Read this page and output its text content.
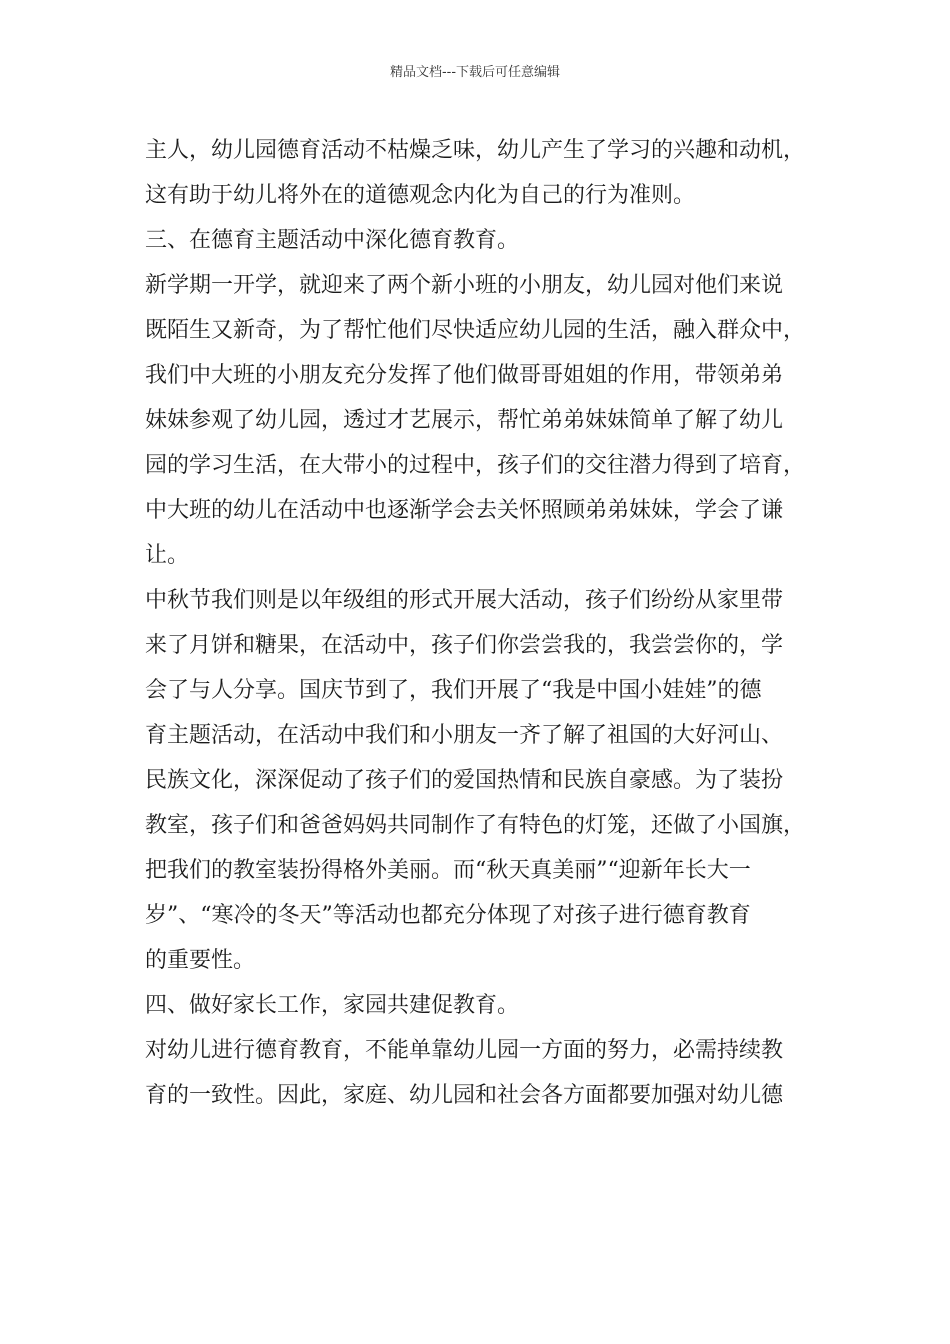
精品文档---下载后可任意编辑
主人，幼儿园德育活动不枯燥乏味，幼儿产生了学习的兴趣和动机，
这有助于幼儿将外在的道德观念内化为自己的行为准则。
三、在德育主题活动中深化德育教育。
新学期一开学，就迎来了两个新小班的小朋友，幼儿园对他们来说
既陌生又新奇，为了帮忙他们尽快适应幼儿园的生活，融入群众中，
我们中大班的小朋友充分发挥了他们做哥哥姐姐的作用，带领弟弟
妹妹参观了幼儿园，透过才艺展示，帮忙弟弟妹妹简单了解了幼儿
园的学习生活，在大带小的过程中，孩子们的交往潜力得到了培育，
中大班的幼儿在活动中也逐渐学会去关怀照顾弟弟妹妹，学会了谦
让。
中秋节我们则是以年级组的形式开展大活动，孩子们纷纷从家里带
来了月饼和糖果，在活动中，孩子们你尝尝我的，我尝尝你的，学
会了与人分享。国庆节到了，我们开展了“我是中国小娃娃”的德
育主题活动，在活动中我们和小朋友一齐了解了祖国的大好河山、
民族文化，深深促动了孩子们的爱国热情和民族自豪感。为了装扮
教室，孩子们和爸爸妈妈共同制作了有特色的灯笼，还做了小国旗，
把我们的教室装扮得格外美丽。而“秋天真美丽”“迎新年长大一
岁”、“寒冷的冬天”等活动也都充分体现了对孩子进行德育教育
的重要性。
四、做好家长工作，家园共建促教育。
对幼儿进行德育教育，不能单靠幼儿园一方面的努力，必需持续教
育的一致性。因此，家庭、幼儿园和社会各方面都要加强对幼儿德
